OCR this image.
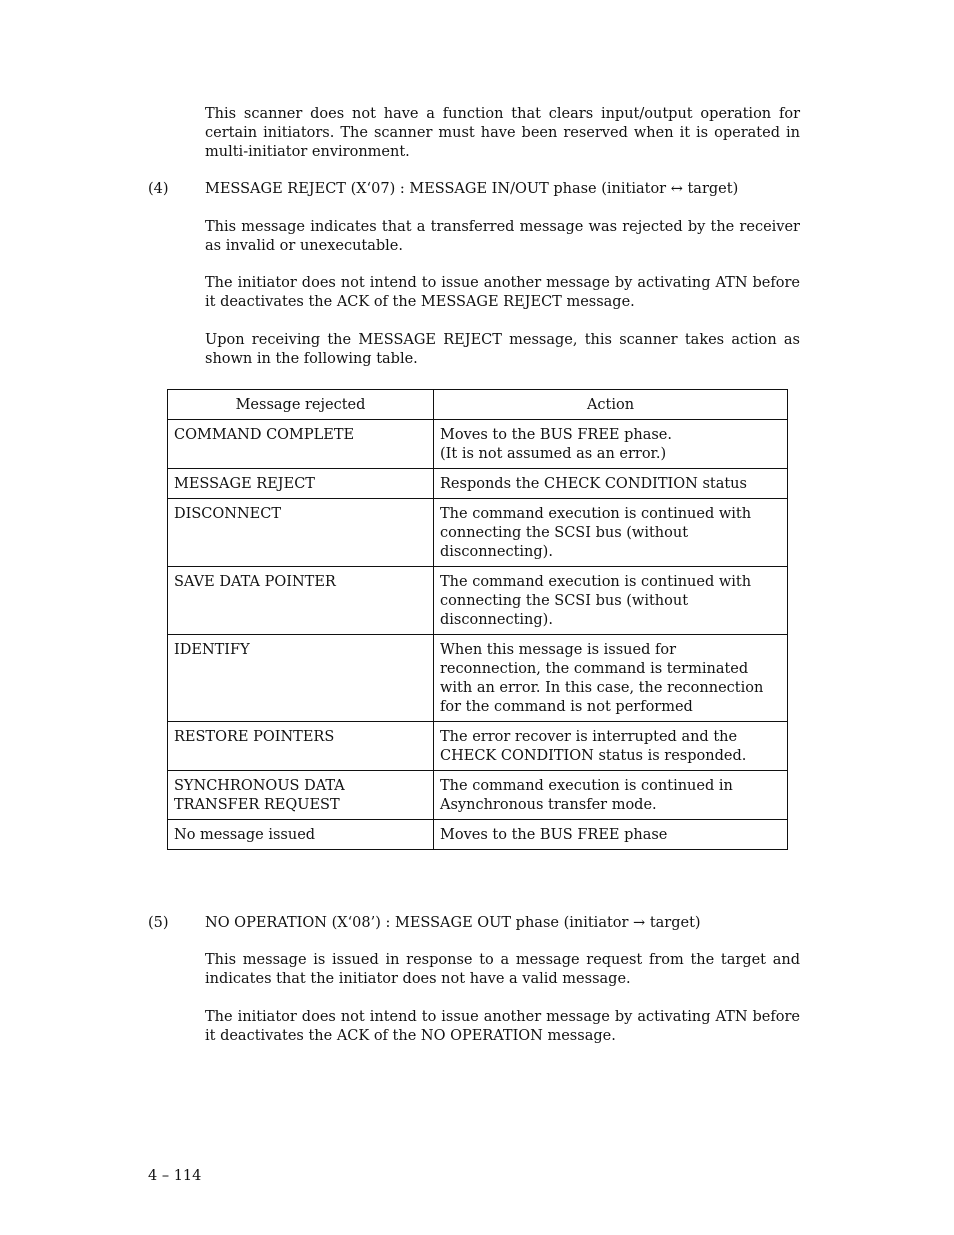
This scanner does not have a function that clears input/output operation for certain initiators. The scanner must have been reserved when it is operated in multi-initiator environment.

(4)	MESSAGE REJECT (X‘07) : MESSAGE IN/OUT phase (initiator ↔ target)

This message indicates that a transferred message was rejected by the receiver as invalid or unexecutable.

The initiator does not intend to issue another message by activating ATN before it deactivates the ACK of the MESSAGE REJECT message.

Upon receiving the MESSAGE REJECT message, this scanner takes action as shown in the following table.

Message rejected	Action
COMMAND COMPLETE	Moves to the BUS FREE phase.
(It is not assumed as an error.)
MESSAGE REJECT	Responds the CHECK CONDITION status
DISCONNECT	The command execution is continued with connecting the SCSI bus (without disconnecting).
SAVE DATA POINTER	The command execution is continued with connecting the SCSI bus (without disconnecting).
IDENTIFY	When this message is issued for reconnection, the command is terminated with an error. In this case, the reconnection for the command is not performed
RESTORE POINTERS	The error recover is interrupted and the CHECK CONDITION status is responded.
SYNCHRONOUS DATA
TRANSFER REQUEST	The command execution is continued in Asynchronous transfer mode.
No message issued	Moves to the BUS FREE phase
(5)	NO OPERATION (X‘08’) : MESSAGE OUT phase (initiator → target)

This message is issued in response to a message request from the target and indicates that the initiator does not have a valid message.

The initiator does not intend to issue another message by activating ATN before it deactivates the ACK of the NO OPERATION message.

4 – 114
